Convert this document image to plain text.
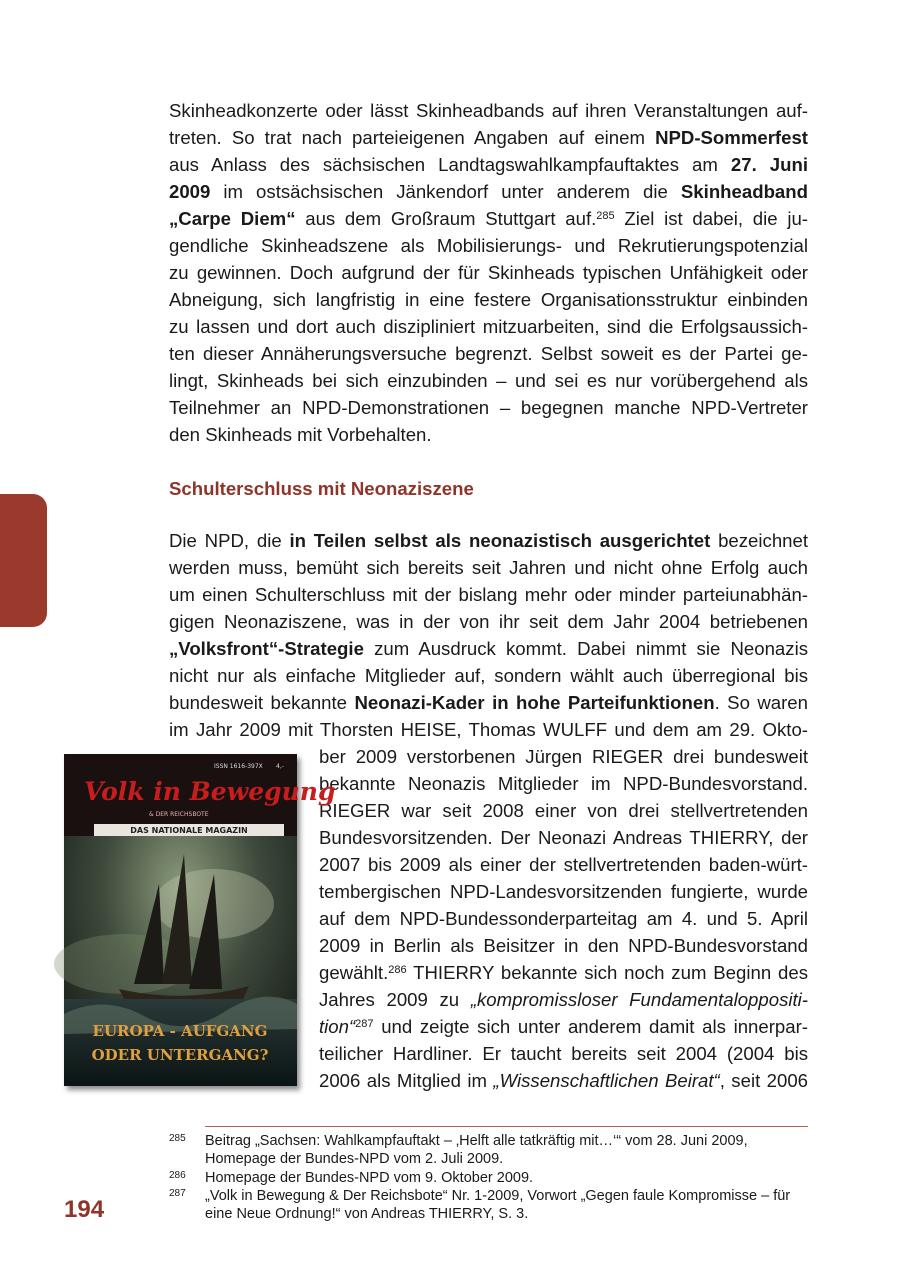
Skinheadkonzerte oder lässt Skinheadbands auf ihren Veranstaltungen auf-
treten. So trat nach parteieigenen Angaben auf einem NPD-Sommerfest
aus Anlass des sächsischen Landtagswahlkampfauftaktes am 27. Juni
2009 im ostsächsischen Jänkendorf unter anderem die Skinheadband
„Carpe Diem“ aus dem Großraum Stuttgart auf.$^{285}$ Ziel ist dabei, die ju-
gendliche Skinheadszene als Mobilisierungs- und Rekrutierungspotenzial
zu gewinnen. Doch aufgrund der für Skinheads typischen Unfähigkeit oder
Abneigung, sich langfristig in eine festere Organisationsstruktur einbinden
zu lassen und dort auch diszipliniert mitzuarbeiten, sind die Erfolgsaussich-
ten dieser Annäherungsversuche begrenzt. Selbst soweit es der Partei ge-
lingt, Skinheads bei sich einzubinden – und sei es nur vorübergehend als
Teilnehmer an NPD-Demonstrationen – begegnen manche NPD-Vertreter
den Skinheads mit Vorbehalten.

Schulterschluss mit Neonaziszene

Die NPD, die in Teilen selbst als neonazistisch ausgerichtet bezeichnet
werden muss, bemüht sich bereits seit Jahren und nicht ohne Erfolg auch
um einen Schulterschluss mit der bislang mehr oder minder parteiunabhän-
gigen Neonaziszene, was in der von ihr seit dem Jahr 2004 betriebenen
„Volksfront“-Strategie zum Ausdruck kommt. Dabei nimmt sie Neonazis
nicht nur als einfache Mitglieder auf, sondern wählt auch überregional bis
bundesweit bekannte Neonazi-Kader in hohe Parteifunktionen. So waren
im Jahr 2009 mit Thorsten HEISE, Thomas WULFF und dem am 29. Okto-

ber 2009 verstorbenen Jürgen RIEGER drei bundesweit
bekannte Neonazis Mitglieder im NPD-Bundesvorstand.
RIEGER war seit 2008 einer von drei stellvertretenden
Bundesvorsitzenden. Der Neonazi Andreas THIERRY, der
2007 bis 2009 als einer der stellvertretenden baden-würt-
tembergischen NPD-Landesvorsitzenden fungierte, wurde
auf dem NPD-Bundessonderparteitag am 4. und 5. April
2009 in Berlin als Beisitzer in den NPD-Bundesvorstand
gewählt.$^{286}$ THIERRY bekannte sich noch zum Beginn des
Jahres 2009 zu „kompromissloser Fundamentaloppositi-
tion“$^{287}$ und zeigte sich unter anderem damit als innerpar-
teilicher Hardliner. Er taucht bereits seit 2004 (2004 bis
2006 als Mitglied im „Wissenschaftlichen Beirat“, seit 2006

Volk in Bewegung
ISSN 1616-397X 4,-
& DER REICHSBOTE
DAS NATIONALE MAGAZIN
EUROPA - AUFGANG
ODER UNTERGANG?

285 Beitrag „Sachsen: Wahlkampfauftakt – ‚Helft alle tatkräftig mit…‘“ vom 28. Juni 2009, Homepage der Bundes-NPD vom 2. Juli 2009.

286 Homepage der Bundes-NPD vom 9. Oktober 2009.

287 „Volk in Bewegung & Der Reichsbote“ Nr. 1-2009, Vorwort „Gegen faule Kompromisse – für eine Neue Ordnung!“ von Andreas THIERRY, S. 3.

194
